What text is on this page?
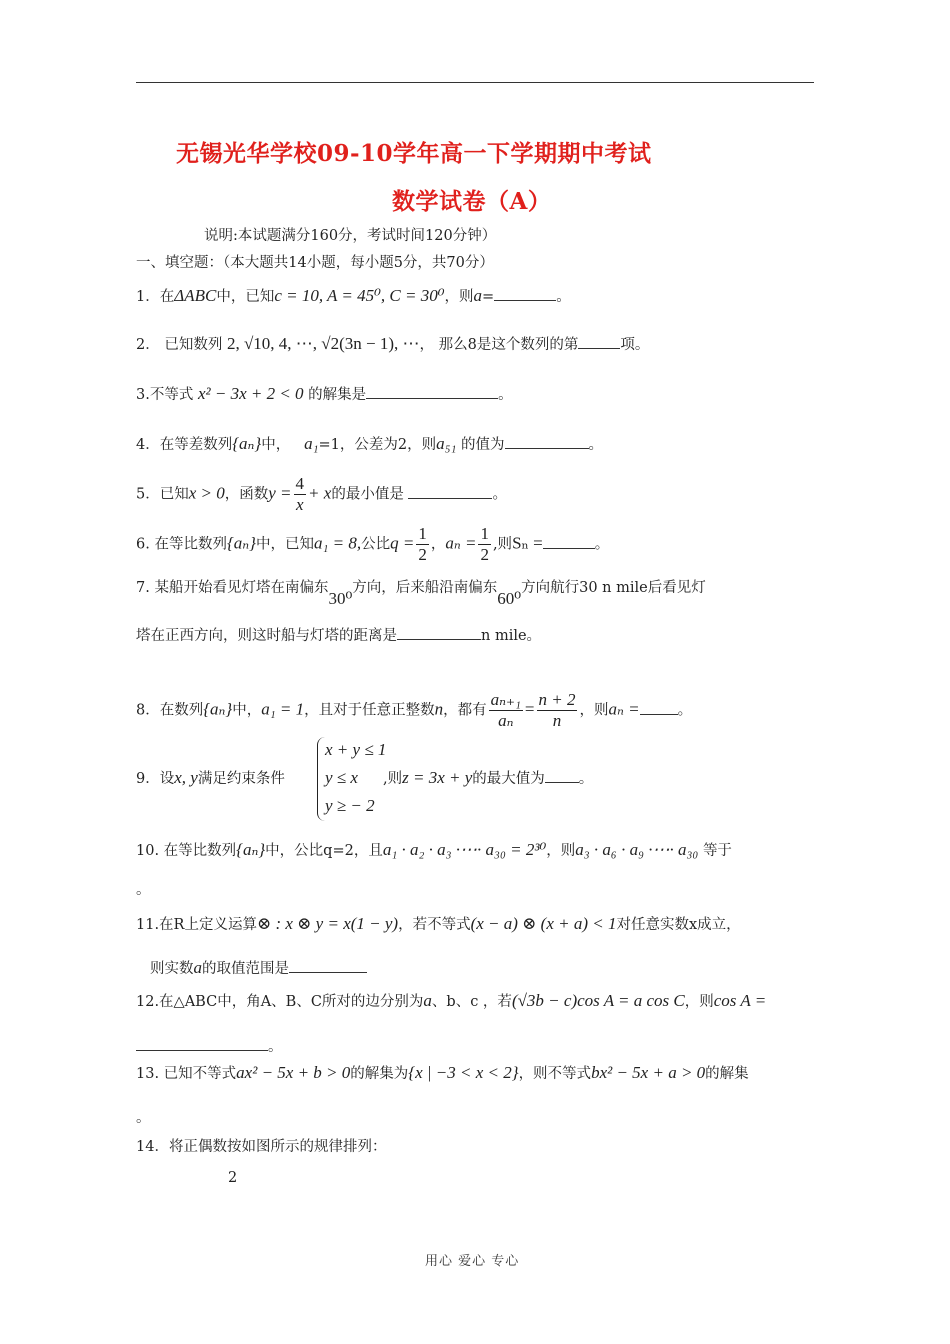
无锡光华学校09-10学年高一下学期期中考试
数学试卷（A）
说明:本试题满分160分，考试时间120分钟）
一、填空题：（本大题共14小题，每小题5分，共70分）
1．在ΔABC中，已知c = 10, A = 45⁰, C = 30⁰，则a=	。
2． 已知数列 2, √10, 4, ⋯, √2(3n − 1), ⋯， 那么8是这个数列的第	项。
3.不等式 x² − 3x + 2 < 0 的解集是	。
4．在等差数列{aₙ}中， a₁=1，公差为2，则a₅₁ 的值为	。
5．已知x > 0，函数$y = \frac{4}{x} + x$的最小值是	。
6. 在等比数列{aₙ}中，已知a₁ = 8,公比$q = \frac{1}{2}$ ，$a_n = \frac{1}{2}$ ,则Sₙ =	。
7. 某船开始看见灯塔在南偏东30⁰方向，后来船沿南偏东60⁰方向航行30 n mile后看见灯
塔在正西方向，则这时船与灯塔的距离是	n mile。
8．在数列{aₙ}中，a₁ = 1，且对于任意正整数n，都有 $\frac{\text{aₙ₊₁}}{\text{aₙ}} = \frac{n + 2}{n}$ ，则aₙ =	。
x + y ≤ 1
y ≤ x
y ≥ − 2
9．设x, y满足约束条件	,则z = 3x + y的最大值为 。
10. 在等比数列{aₙ}中，公比q=2，且a₁ · a₂ · a₃ ·⋯· a₃₀ = 2³⁰，则a₃ · a₆ · a₉ ·⋯· a₃₀ 等于
。
11.在R上定义运算⊗ : x ⊗ y = x(1 − y)，若不等式(x − a) ⊗ (x + a) < 1对任意实数x成立，
则实数a的取值范围是
12.在△ABC中，角A、B、C所对的边分别为a、b、c ，若(√3b − c)cos A = a cos C，则cos A =
。
13. 已知不等式ax² − 5x + b > 0的解集为{x | −3 < x < 2}，则不等式bx² − 5x + a > 0的解集
。
14．将正偶数按如图所示的规律排列：
2
用心 爱心 专心
